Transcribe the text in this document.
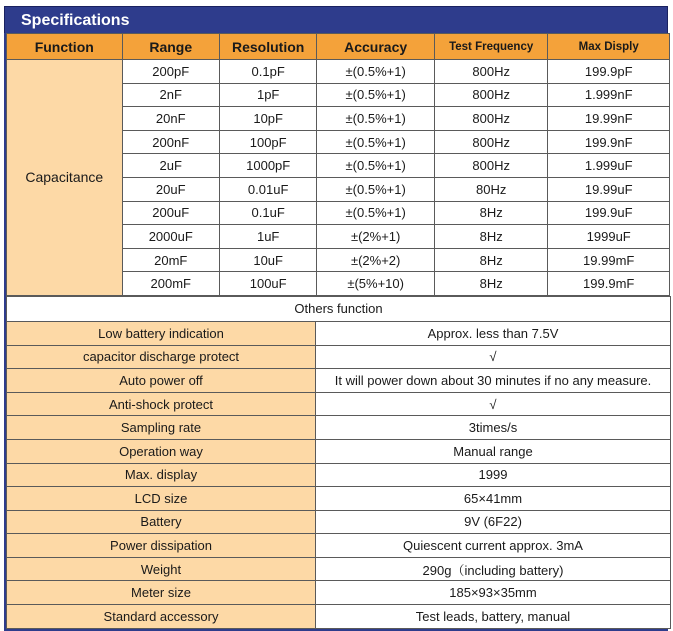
Specifications
Function	Range	Resolution	Accuracy	Test Frequency	Max Disply
Capacitance	200pF	0.1pF	±(0.5%+1)	800Hz	199.9pF
	2nF	1pF	±(0.5%+1)	800Hz	1.999nF
	20nF	10pF	±(0.5%+1)	800Hz	19.99nF
	200nF	100pF	±(0.5%+1)	800Hz	199.9nF
	2uF	1000pF	±(0.5%+1)	800Hz	1.999uF
	20uF	0.01uF	±(0.5%+1)	80Hz	19.99uF
	200uF	0.1uF	±(0.5%+1)	8Hz	199.9uF
	2000uF	1uF	±(2%+1)	8Hz	1999uF
	20mF	10uF	±(2%+2)	8Hz	19.99mF
	200mF	100uF	±(5%+10)	8Hz	199.9mF
Others function	
Low battery indication	Approx. less than 7.5V
capacitor discharge protect	√
Auto power off	It will power down about 30 minutes if no any measure.
Anti-shock protect	√
Sampling rate	3times/s
Operation way	Manual range
Max. display	1999
LCD size	65×41mm
Battery	9V (6F22)
Power dissipation	Quiescent current approx. 3mA
Weight	290g（including battery)
Meter size	185×93×35mm
Standard accessory	Test leads, battery, manual
